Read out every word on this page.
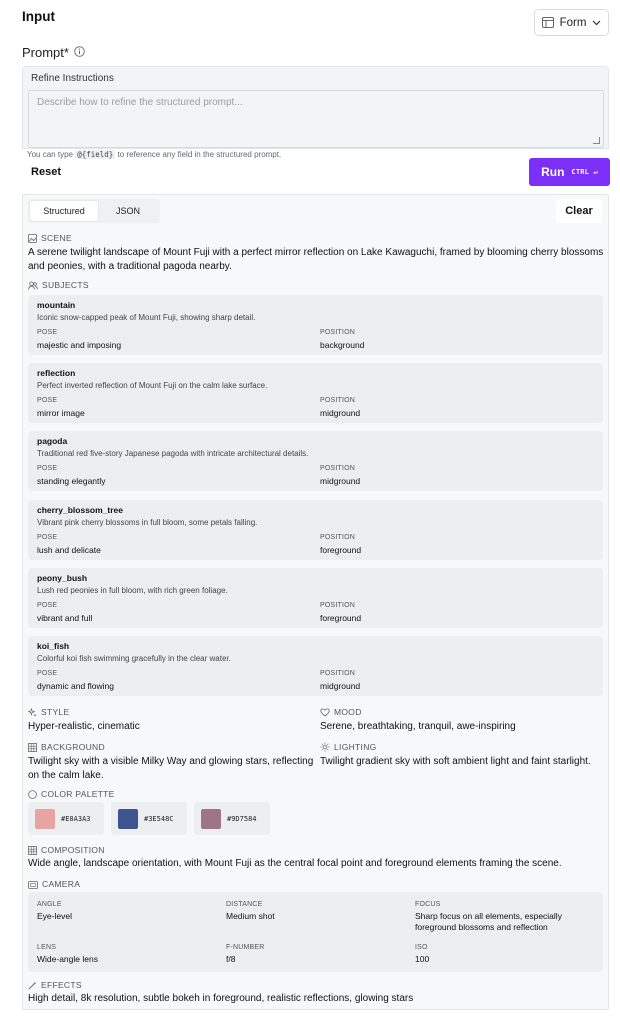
Input	Form
Prompt*
Refine Instructions
Describe how to refine the structured prompt...
You can type @{field} to reference any field in the structured prompt.
Reset	Run CTRL ↵
Structured	JSON	Clear
SCENE
A serene twilight landscape of Mount Fuji with a perfect mirror reflection on Lake Kawaguchi, framed by blooming cherry blossoms and peonies, with a traditional pagoda nearby.
SUBJECTS
mountain
Iconic snow-capped peak of Mount Fuji, showing sharp detail.
POSE
majestic and imposing
POSITION
background
reflection
Perfect inverted reflection of Mount Fuji on the calm lake surface.
POSE
mirror image
POSITION
midground
pagoda
Traditional red five-story Japanese pagoda with intricate architectural details.
POSE
standing elegantly
POSITION
midground
cherry_blossom_tree
Vibrant pink cherry blossoms in full bloom, some petals falling.
POSE
lush and delicate
POSITION
foreground
peony_bush
Lush red peonies in full bloom, with rich green foliage.
POSE
vibrant and full
POSITION
foreground
koi_fish
Colorful koi fish swimming gracefully in the clear water.
POSE
dynamic and flowing
POSITION
midground
STYLE
Hyper-realistic, cinematic
MOOD
Serene, breathtaking, tranquil, awe-inspiring
BACKGROUND
Twilight sky with a visible Milky Way and glowing stars, reflecting on the calm lake.
LIGHTING
Twilight gradient sky with soft ambient light and faint starlight.
COLOR PALETTE
#E8A3A3	#3E548C	#9D7584
COMPOSITION
Wide angle, landscape orientation, with Mount Fuji as the central focal point and foreground elements framing the scene.
CAMERA
ANGLE
Eye-level
DISTANCE
Medium shot
FOCUS
Sharp focus on all elements, especially foreground blossoms and reflection
LENS
Wide-angle lens
F-NUMBER
f/8
ISO
100
EFFECTS
High detail, 8k resolution, subtle bokeh in foreground, realistic reflections, glowing stars
